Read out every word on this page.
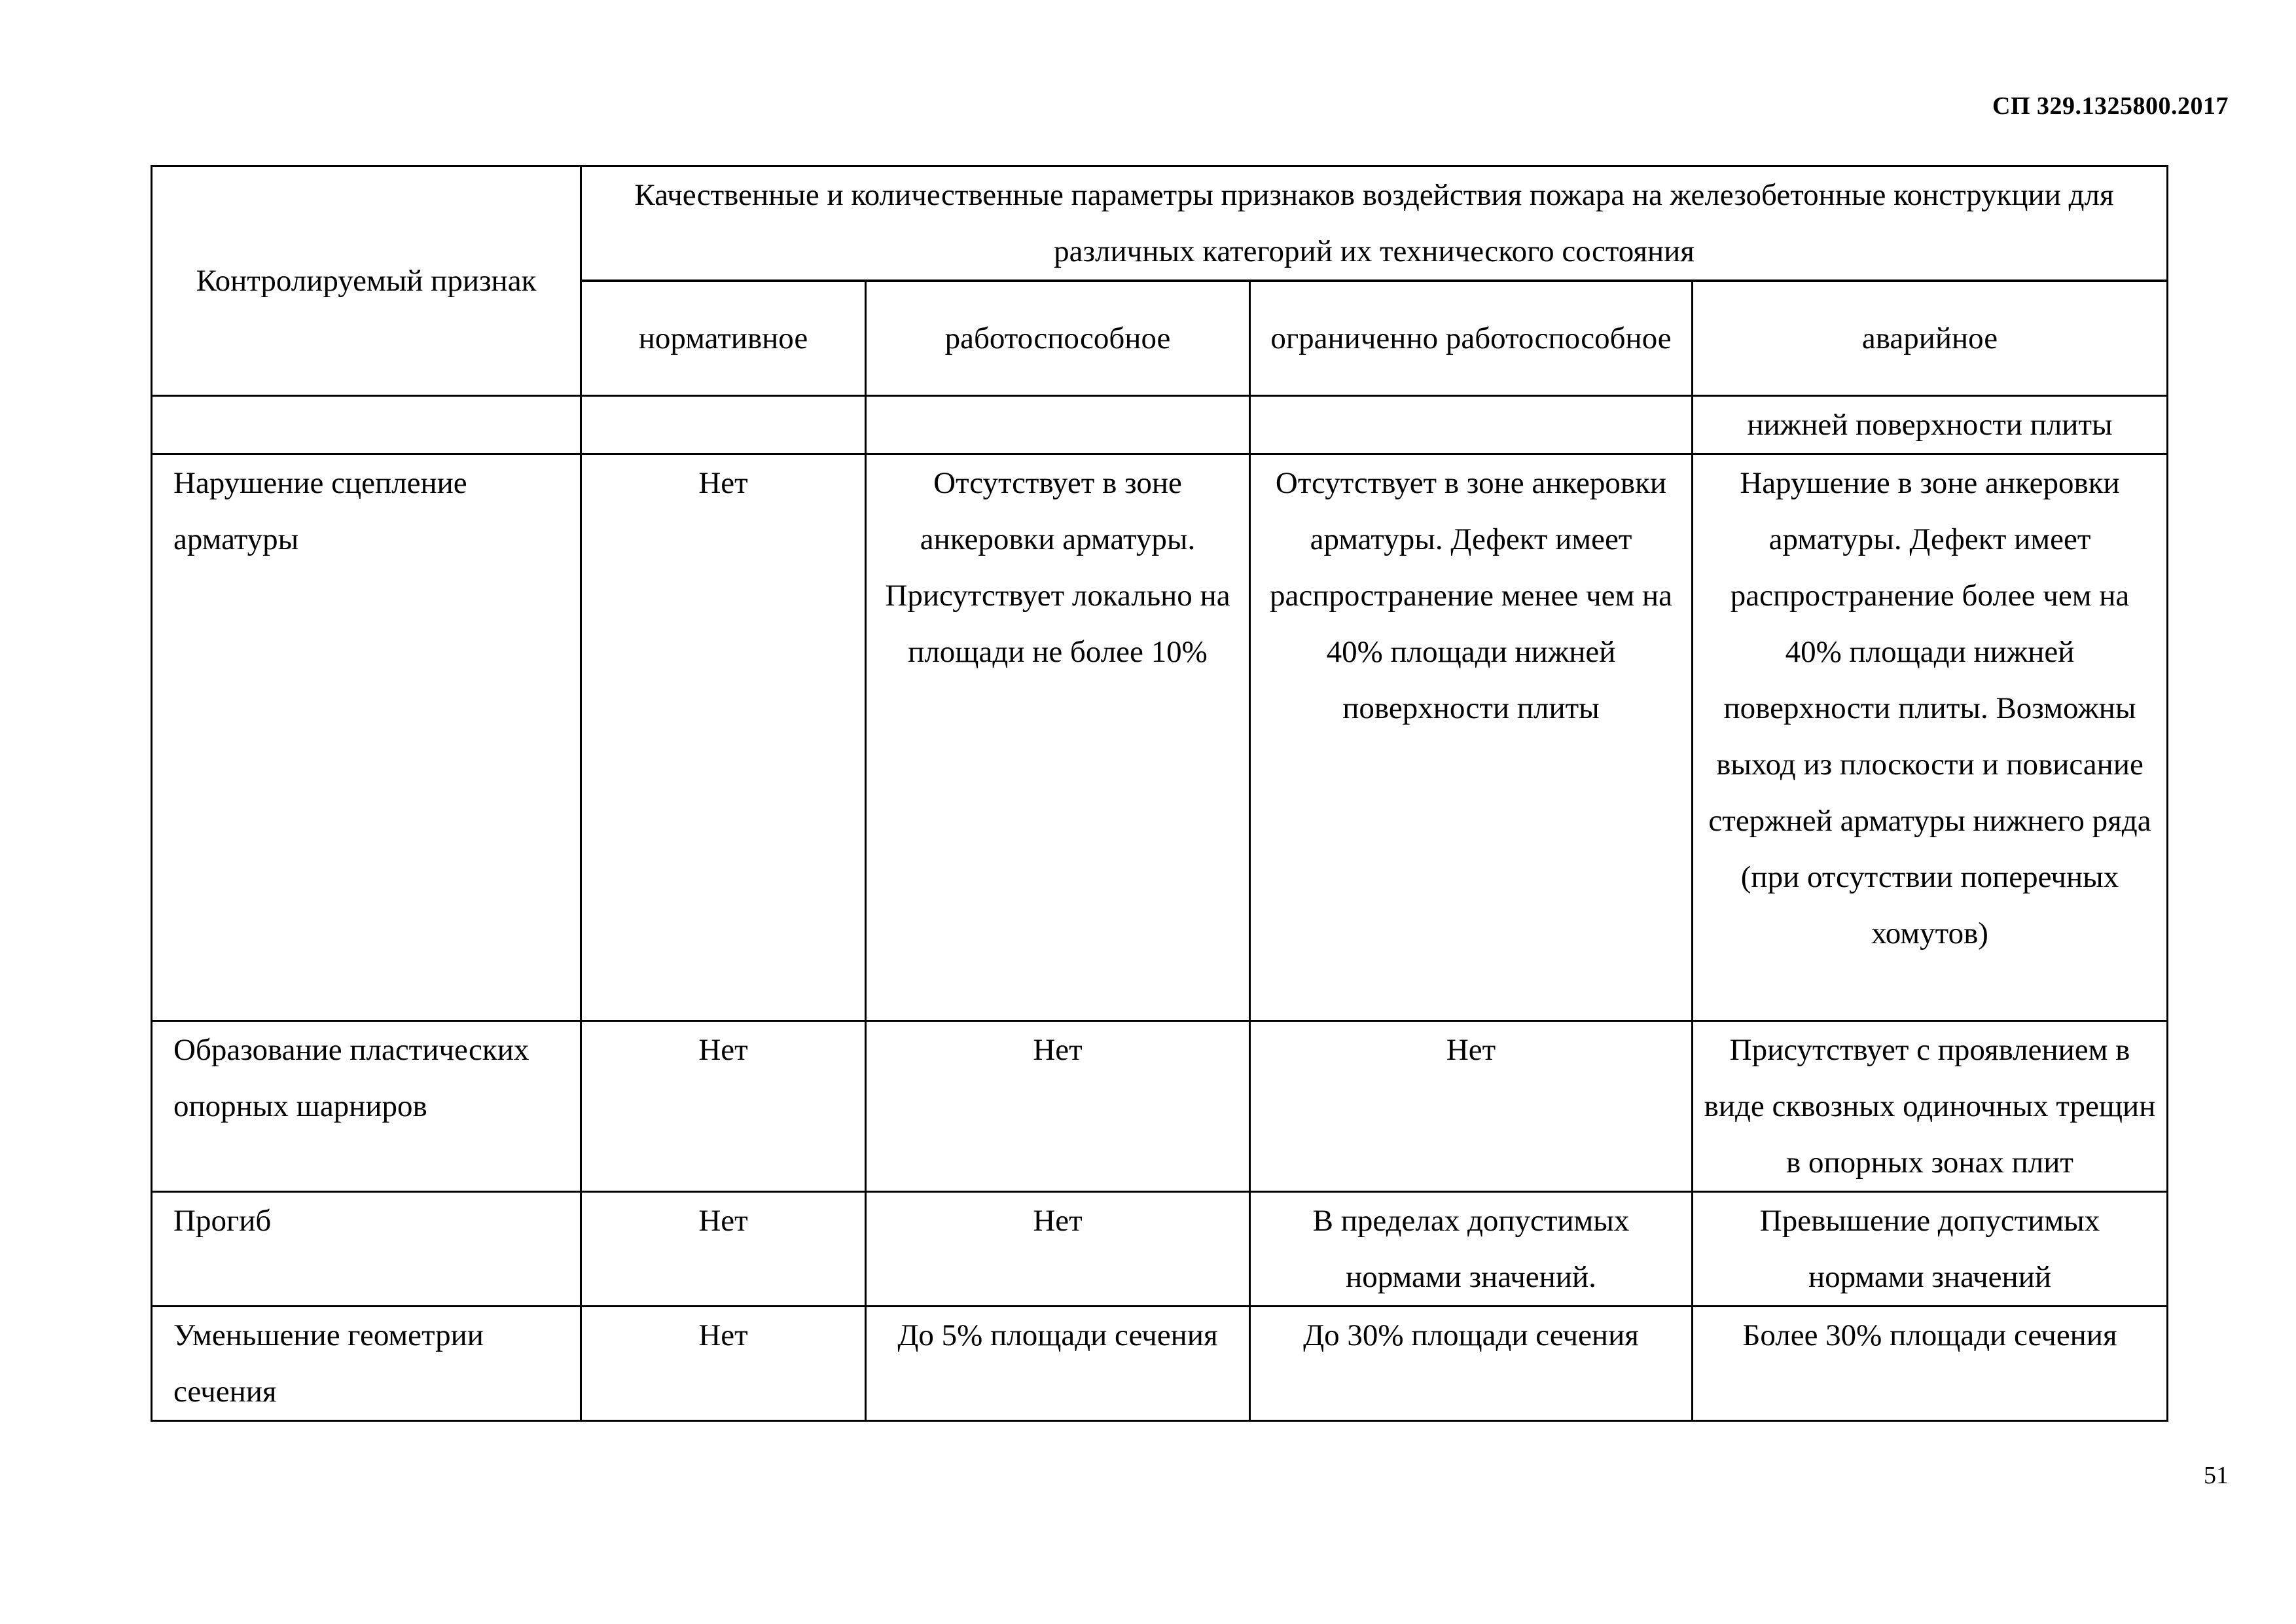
СП 329.1325800.2017
Контролируемый признак	Качественные и количественные параметры признаков воздействия пожара на железобетонные конструкции для различных категорий их технического состояния			
	нормативное	работоспособное	ограниченно работоспособное	аварийное
				нижней поверхности плиты
Нарушение сцепление арматуры	Нет	Отсутствует в зоне анкеровки арматуры. Присутствует локально на площади не более 10%	Отсутствует в зоне анкеровки арматуры. Дефект имеет распространение менее чем на 40% площади нижней поверхности плиты	Нарушение в зоне анкеровки арматуры. Дефект имеет распространение более чем на 40% площади нижней поверхности плиты. Возможны выход из плоскости и повисание стержней арматуры нижнего ряда (при отсутствии поперечных хомутов)
Образование пластических опорных шарниров	Нет	Нет	Нет	Присутствует с проявлением в виде сквозных одиночных трещин в опорных зонах плит
Прогиб	Нет	Нет	В пределах допустимых нормами значений.	Превышение допустимых нормами значений
Уменьшение геометрии сечения	Нет	До 5% площади сечения	До 30% площади сечения	Более 30% площади сечения
51
